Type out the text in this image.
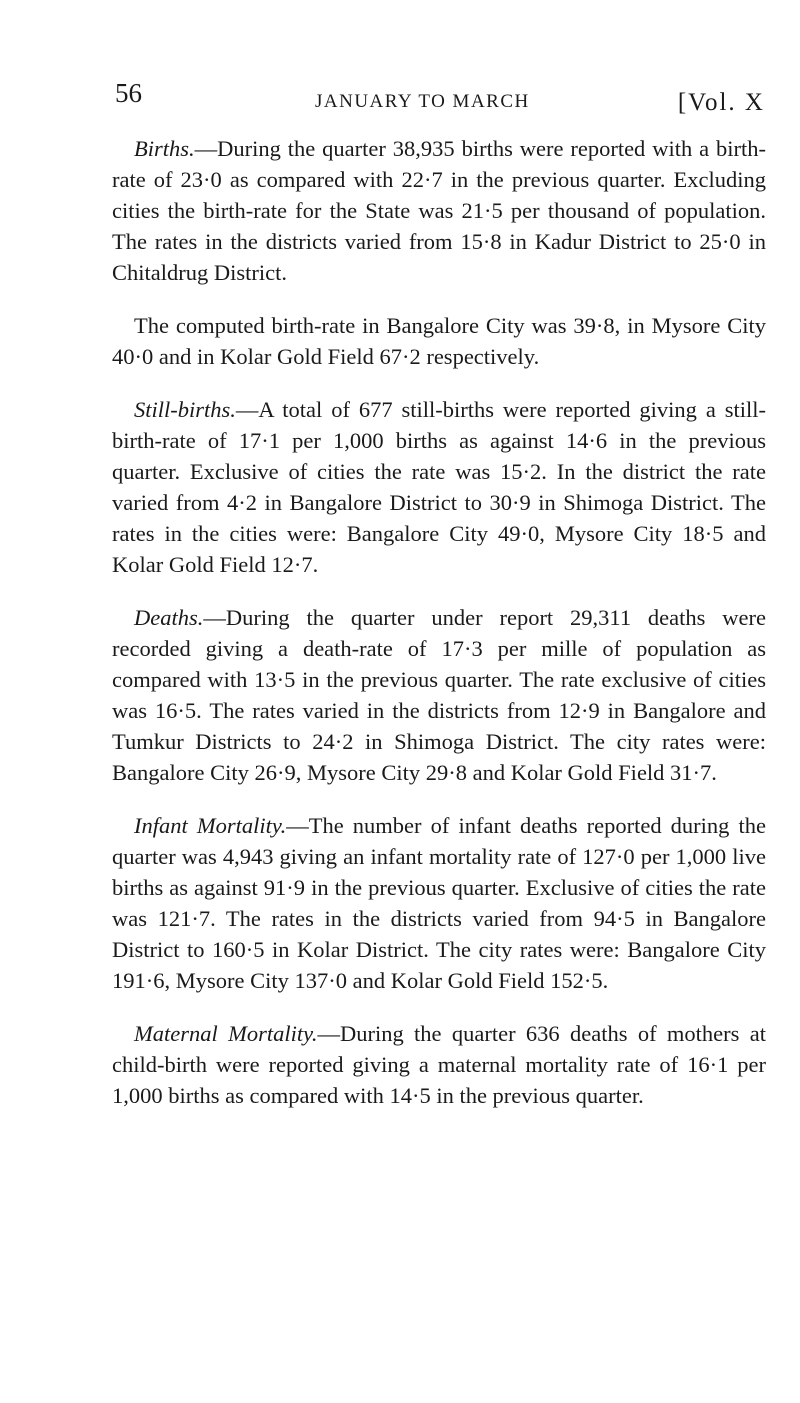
56	JANUARY TO MARCH	[Vol. X

Births.—During the quarter 38,935 births were reported with a birth-rate of 23·0 as compared with 22·7 in the previous quarter. Excluding cities the birth-rate for the State was 21·5 per thousand of population. The rates in the districts varied from 15·8 in Kadur District to 25·0 in Chitaldrug District.

The computed birth-rate in Bangalore City was 39·8, in Mysore City 40·0 and in Kolar Gold Field 67·2 respectively.

Still-births.—A total of 677 still-births were reported giving a still-birth-rate of 17·1 per 1,000 births as against 14·6 in the previous quarter. Exclusive of cities the rate was 15·2. In the district the rate varied from 4·2 in Bangalore District to 30·9 in Shimoga District. The rates in the cities were: Bangalore City 49·0, Mysore City 18·5 and Kolar Gold Field 12·7.

Deaths.—During the quarter under report 29,311 deaths were recorded giving a death-rate of 17·3 per mille of population as compared with 13·5 in the previous quarter. The rate exclusive of cities was 16·5. The rates varied in the districts from 12·9 in Bangalore and Tumkur Districts to 24·2 in Shimoga District. The city rates were: Bangalore City 26·9, Mysore City 29·8 and Kolar Gold Field 31·7.

Infant Mortality.—The number of infant deaths reported during the quarter was 4,943 giving an infant mortality rate of 127·0 per 1,000 live births as against 91·9 in the previous quarter. Exclusive of cities the rate was 121·7. The rates in the districts varied from 94·5 in Bangalore District to 160·5 in Kolar District. The city rates were: Bangalore City 191·6, Mysore City 137·0 and Kolar Gold Field 152·5.

Maternal Mortality.—During the quarter 636 deaths of mothers at child-birth were reported giving a maternal mortality rate of 16·1 per 1,000 births as compared with 14·5 in the previous quarter.
